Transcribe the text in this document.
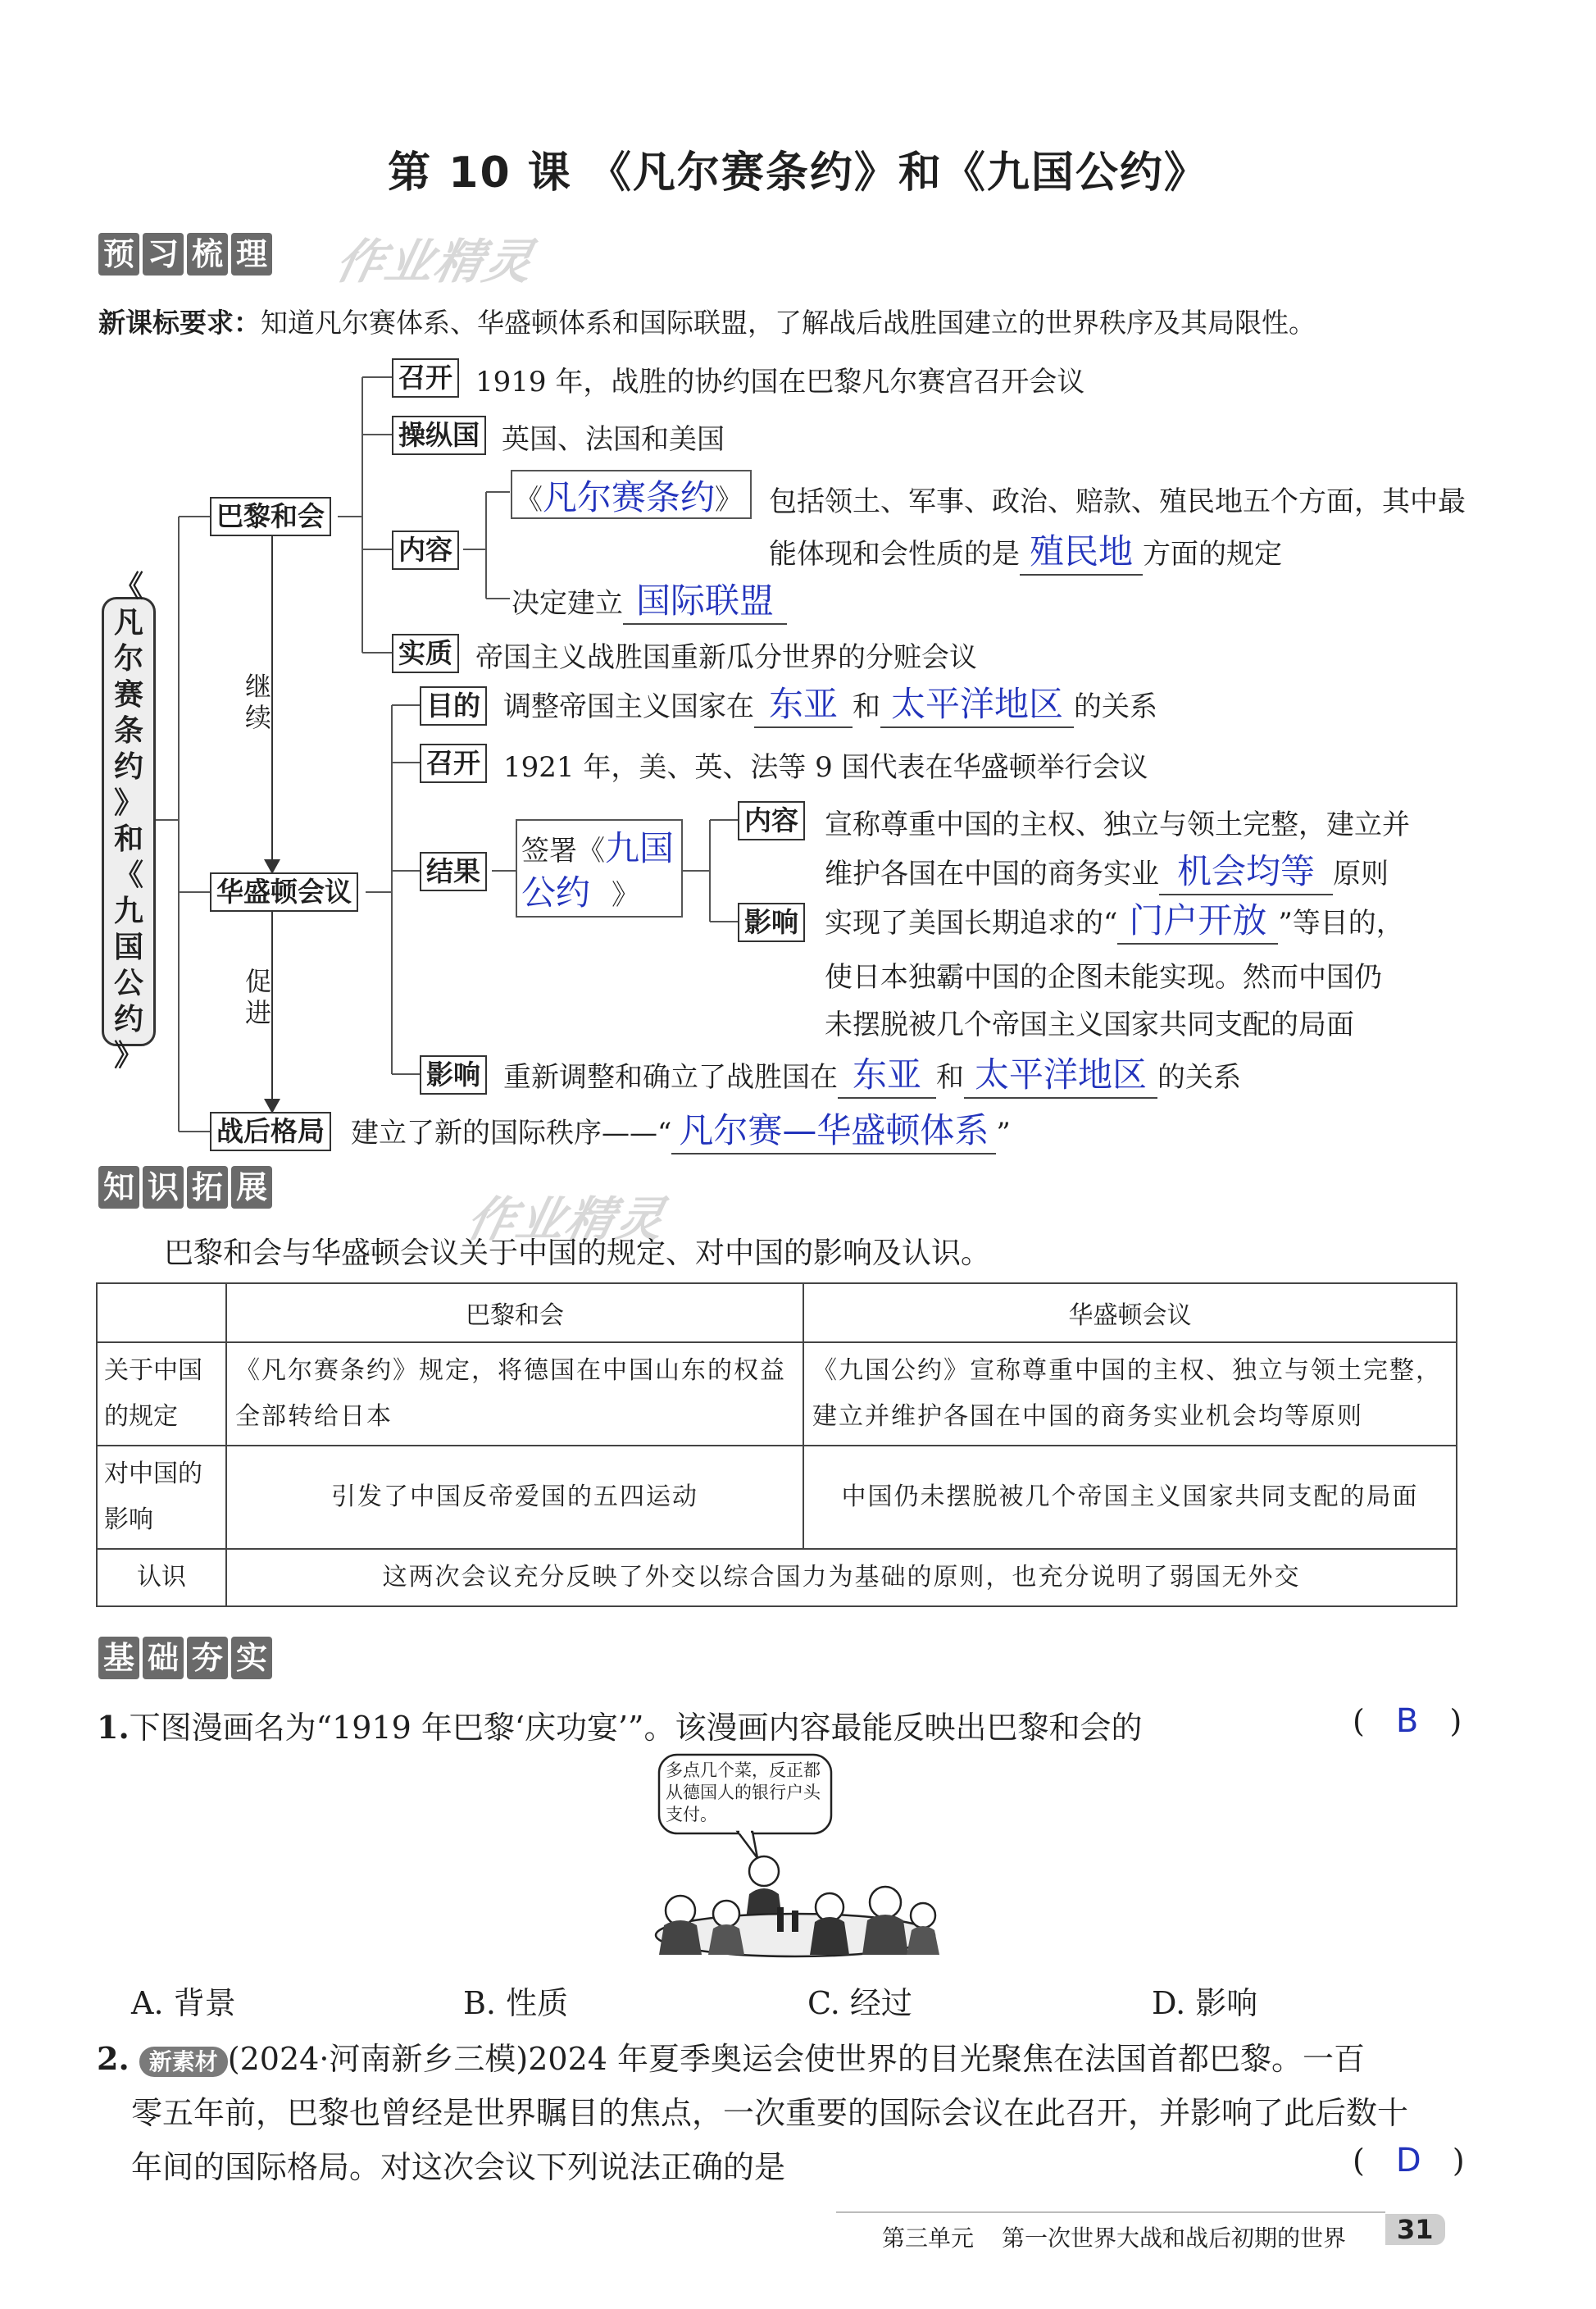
第 10 课 《凡尔赛条约》和《九国公约》
预 习 梳 理 作业精灵
新课标要求：知道凡尔赛体系、华盛顿体系和国际联盟，了解战后战胜国建立的世界秩序及其局限性。
《
凡
尔
赛
条
约
》
和
《
九
国
公
约
》
继续
促进
巴黎和会
召开 1919 年，战胜的协约国在巴黎凡尔赛宫召开会议
操纵国 英国、法国和美国
内容
《凡尔赛条约》 包括领土、军事、政治、赔款、殖民地五个方面，其中最
能体现和会性质的是 殖民地 方面的规定
决定建立 国际联盟
实质 帝国主义战胜国重新瓜分世界的分赃会议
华盛顿会议
目的 调整帝国主义国家在 东亚 和 太平洋地区 的关系
召开 1921 年，美、英、法等 9 国代表在华盛顿举行会议
结果
签署《九国
公约 》
内容 宣称尊重中国的主权、独立与领土完整，建立并
维护各国在中国的商务实业 机会均等 原则
影响 实现了美国长期追求的“ 门户开放 ”等目的，
使日本独霸中国的企图未能实现。然而中国仍
未摆脱被几个帝国主义国家共同支配的局面
影响 重新调整和确立了战胜国在 东亚 和 太平洋地区 的关系
战后格局 建立了新的国际秩序——“ 凡尔赛—华盛顿体系 ”
知 识 拓 展
作业精灵
巴黎和会与华盛顿会议关于中国的规定、对中国的影响及认识。
	巴黎和会	华盛顿会议
关于中国的规定	《凡尔赛条约》规定，将德国在中国山东的权益全部转给日本	《九国公约》宣称尊重中国的主权、独立与领土完整，建立并维护各国在中国的商务实业机会均等原则
对中国的影响	引发了中国反帝爱国的五四运动	中国仍未摆脱被几个帝国主义国家共同支配的局面
认识	这两次会议充分反映了外交以综合国力为基础的原则，也充分说明了弱国无外交	
基 础 夯 实
1.下图漫画名为“1919 年巴黎‘庆功宴’”。该漫画内容最能反映出巴黎和会的	( B )
多点几个菜，反正都从德国人的银行户头支付。
A. 背景	B. 性质	C. 经过	D. 影响
2. 新素材 (2024·河南新乡三模)2024 年夏季奥运会使世界的目光聚焦在法国首都巴黎。一百
零五年前，巴黎也曾经是世界瞩目的焦点，一次重要的国际会议在此召开，并影响了此后数十
年间的国际格局。对这次会议下列说法正确的是	( D )
第三单元 第一次世界大战和战后初期的世界	31
